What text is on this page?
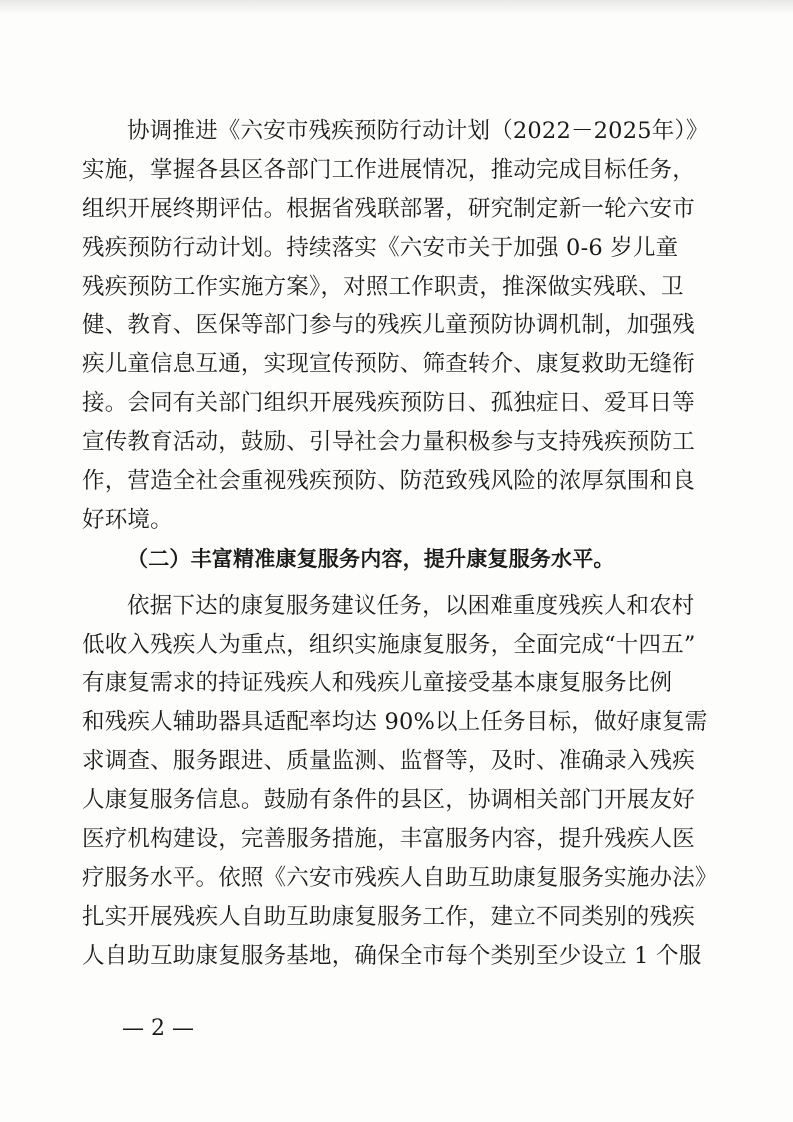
协调推进《六安市残疾预防行动计划（2022－2025年）》
实施，掌握各县区各部门工作进展情况，推动完成目标任务，
组织开展终期评估。根据省残联部署，研究制定新一轮六安市
残疾预防行动计划。持续落实《六安市关于加强 0-6 岁儿童
残疾预防工作实施方案》，对照工作职责，推深做实残联、卫
健、教育、医保等部门参与的残疾儿童预防协调机制，加强残
疾儿童信息互通，实现宣传预防、筛查转介、康复救助无缝衔
接。会同有关部门组织开展残疾预防日、孤独症日、爱耳日等
宣传教育活动，鼓励、引导社会力量积极参与支持残疾预防工
作，营造全社会重视残疾预防、防范致残风险的浓厚氛围和良
好环境。
（二）丰富精准康复服务内容，提升康复服务水平。
依据下达的康复服务建议任务，以困难重度残疾人和农村
低收入残疾人为重点，组织实施康复服务，全面完成“十四五”
有康复需求的持证残疾人和残疾儿童接受基本康复服务比例
和残疾人辅助器具适配率均达 90%以上任务目标，做好康复需
求调查、服务跟进、质量监测、监督等，及时、准确录入残疾
人康复服务信息。鼓励有条件的县区，协调相关部门开展友好
医疗机构建设，完善服务措施，丰富服务内容，提升残疾人医
疗服务水平。依照《六安市残疾人自助互助康复服务实施办法》
扎实开展残疾人自助互助康复服务工作，建立不同类别的残疾
人自助互助康复服务基地，确保全市每个类别至少设立 1 个服
— 2 —
